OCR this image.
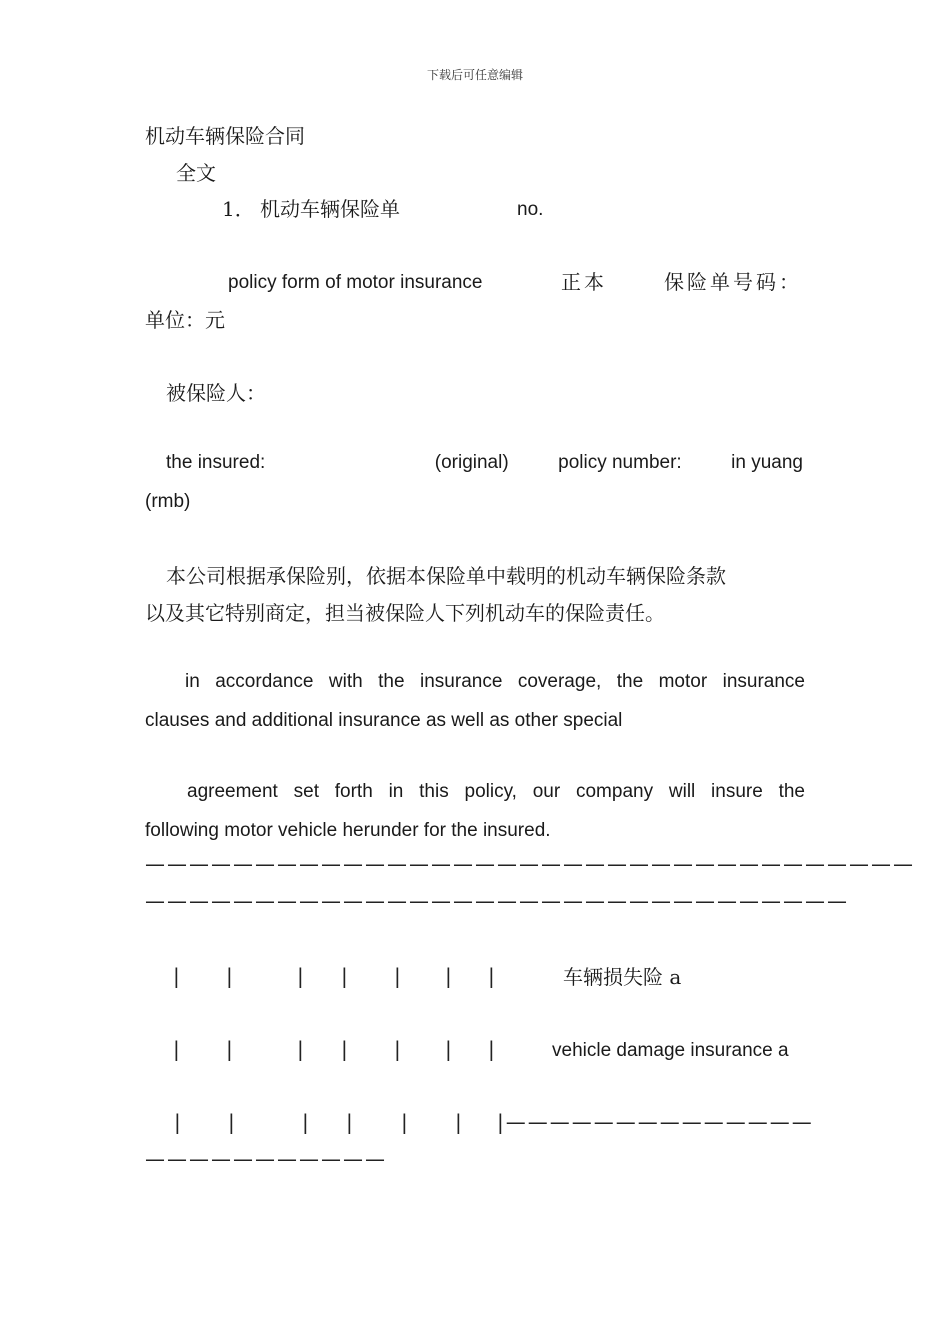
下载后可任意编辑
机动车辆保险合同
全文
1． 机动车辆保险单	no.
policy form of motor insurance	正本	保险单号码：
单位：元
被保险人：
the insured:	(original)	policy number:	in yuang
(rmb)
本公司根据承保险别，依据本保险单中载明的机动车辆保险条款
以及其它特别商定，担当被保险人下列机动车的保险责任。
in accordance with the insurance coverage, the motor insurance
clauses and additional insurance as well as other special
agreement set forth in this policy, our company will insure the
following motor vehicle herunder for the insured.
———————————————————————————————————
————————————————————————————————
| |	| | | | |	车辆损失险 a
| |	| | | | |	vehicle damage insurance a
| |	| | | | |——————————————
———————————
